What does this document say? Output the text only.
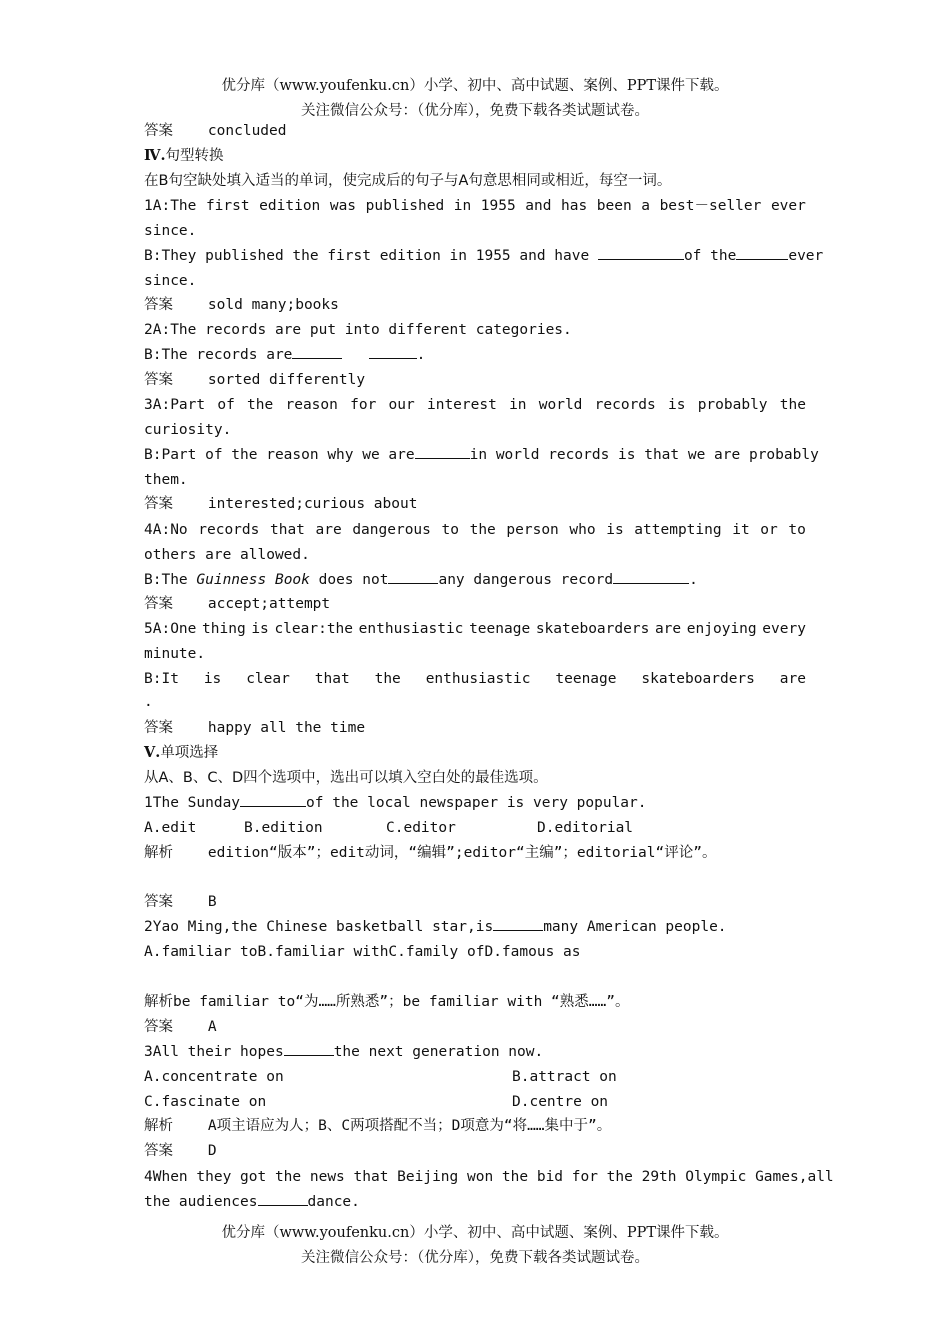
优分库（www.youfenku.cn）小学、初中、高中试题、案例、PPT课件下载。
关注微信公众号：（优分库），免费下载各类试题试卷。
答案 concluded
Ⅳ.句型转换
在B句空缺处填入适当的单词，使完成后的句子与A句意思相同或相近，每空一词。
1A:The first edition was published in 1955 and has been a best－seller ever
since.
B:They published the first edition in 1955 and have	of the	ever
since.
答案 sold many;books
2A:The records are put into different categories.
B:The records are	.
答案 sorted differently
3A:Part of the reason for our interest in world records is probably the
curiosity.
B:Part of the reason why we are	in world records is that we are probably
them.
答案 interested;curious about
4A:No records that are dangerous to the person who is attempting it or to
others are allowed.
B:The Guinness Book does not	any dangerous record	.
答案 accept;attempt
5A:One thing is clear:the enthusiastic teenage skateboarders are enjoying every
minute.
B:It is clear that the enthusiastic teenage skateboarders are
.
答案 happy all the time
Ⅴ.单项选择
从A、B、C、D四个选项中，选出可以填入空白处的最佳选项。
1The Sunday	of the local newspaper is very popular.
A.edit	B.edition	C.editor	D.editorial
解析 edition“版本”；edit动词，“编辑”;editor“主编”；editorial“评论”。
答案 B
2Yao Ming,the Chinese basketball star,is	many American people.
A.familiar toB.familiar withC.family ofD.famous as
解析be familiar to“为……所熟悉”；be familiar with “熟悉……”。
答案 A
3All their hopes	the next generation now.
A.concentrate on	B.attract on
C.fascinate on	D.centre on
解析 A项主语应为人；B、C两项搭配不当；D项意为“将……集中于”。
答案 D
4When they got the news that Beijing won the bid for the 29th Olympic Games,all
the audiences	dance.
优分库（www.youfenku.cn）小学、初中、高中试题、案例、PPT课件下载。
关注微信公众号：（优分库），免费下载各类试题试卷。
